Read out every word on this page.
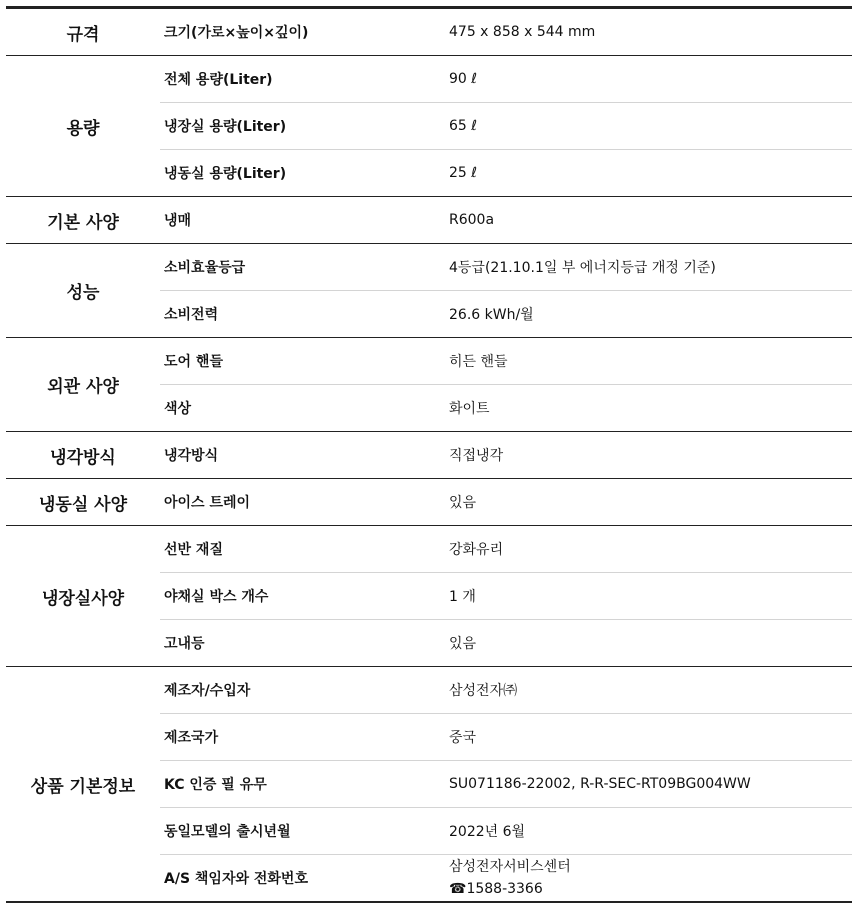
규격	크기(가로×높이×깊이)	475 x 858 x 544 mm
용량	전체 용량(Liter)	90 ℓ
	냉장실 용량(Liter)	65 ℓ
	냉동실 용량(Liter)	25 ℓ
기본 사양	냉매	R600a
성능	소비효율등급	4등급(21.10.1일 부 에너지등급 개정 기준)
	소비전력	26.6 kWh/월
외관 사양	도어 핸들	히든 핸들
	색상	화이트
냉각방식	냉각방식	직접냉각
냉동실 사양	아이스 트레이	있음
냉장실사양	선반 재질	강화유리
	야채실 박스 개수	1 개
	고내등	있음
상품 기본정보	제조자/수입자	삼성전자㈜
	제조국가	중국
	KC 인증 필 유무	SU071186-22002, R-R-SEC-RT09BG004WW
	동일모델의 출시년월	2022년 6월
	A/S 책임자와 전화번호	삼성전자서비스센터
☎1588-3366
